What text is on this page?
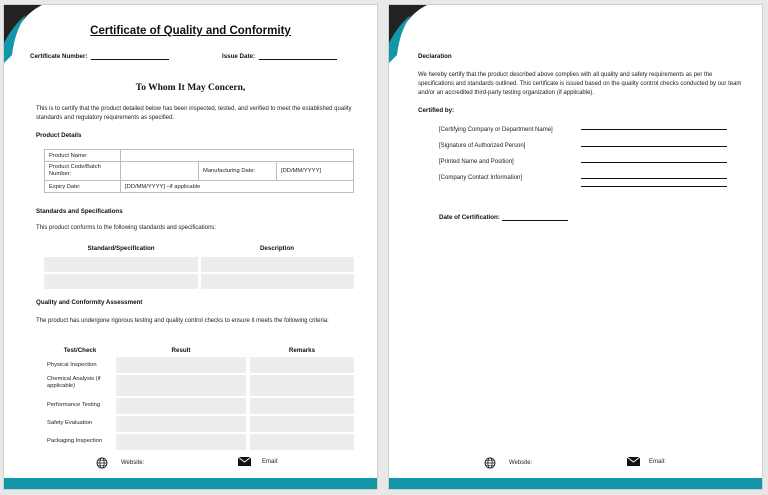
Certificate of Quality and Conformity
Certificate Number:	Issue Date:
To Whom It May Concern,
This is to certify that the product detailed below has been inspected, tested, and verified to meet the established quality standards and regulatory requirements as specified.
Product Details
Product Name:			
Product Code/Batch Number:		Manufacturing Date:	[DD/MM/YYYY]
Expiry Date:	[DD/MM/YYYY] –if applicable		
Standards and Specifications
This product conforms to the following standards and specifications:
Standard/Specification	Description
Quality and Conformity Assessment
The product has undergone rigorous testing and quality control checks to ensure it meets the following criteria:
Test/Check	Result	Remarks
Physical Inspection
Chemical Analysis (if applicable)
Performance Testing
Safety Evaluation
Packaging Inspection
Website:	Email:
Declaration
We hereby certify that the product described above complies with all quality and safety requirements as per the specifications and standards outlined. This certificate is issued based on the quality control checks conducted by our team and/or an accredited third-party testing organization (if applicable).
Certified by:
[Certifying Company or Department Name]
[Signature of Authorized Person]
[Printed Name and Position]
[Company Contact Information]
Date of Certification:
Website:	Email:
